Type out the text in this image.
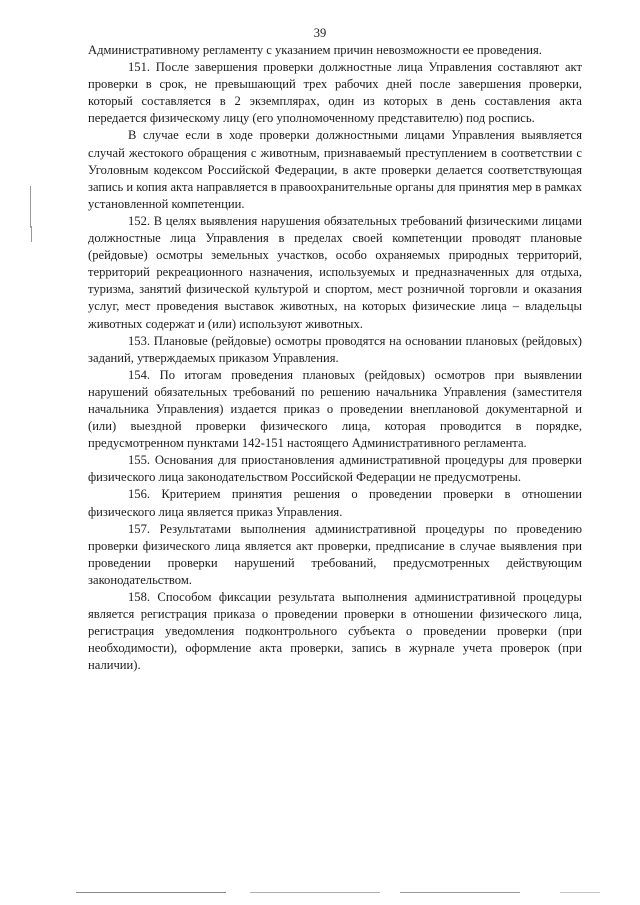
39

Административному регламенту с указанием причин невозможности ее проведения.

151. После завершения проверки должностные лица Управления составляют акт проверки в срок, не превышающий трех рабочих дней после завершения проверки, который составляется в 2 экземплярах, один из которых в день составления акта передается физическому лицу (его уполномоченному представителю) под роспись.

В случае если в ходе проверки должностными лицами Управления выявляется случай жестокого обращения с животным, признаваемый преступлением в соответствии с Уголовным кодексом Российской Федерации, в акте проверки делается соответствующая запись и копия акта направляется в правоохранительные органы для принятия мер в рамках установленной компетенции.

152. В целях выявления нарушения обязательных требований физическими лицами должностные лица Управления в пределах своей компетенции проводят плановые (рейдовые) осмотры земельных участков, особо охраняемых природных территорий, территорий рекреационного назначения, используемых и предназначенных для отдыха, туризма, занятий физической культурой и спортом, мест розничной торговли и оказания услуг, мест проведения выставок животных, на которых физические лица – владельцы животных содержат и (или) используют животных.

153. Плановые (рейдовые) осмотры проводятся на основании плановых (рейдовых) заданий, утверждаемых приказом Управления.

154. По итогам проведения плановых (рейдовых) осмотров при выявлении нарушений обязательных требований по решению начальника Управления (заместителя начальника Управления) издается приказ о проведении внеплановой документарной и (или) выездной проверки физического лица, которая проводится в порядке, предусмотренном пунктами 142-151 настоящего Административного регламента.

155. Основания для приостановления административной процедуры для проверки физического лица законодательством Российской Федерации не предусмотрены.

156. Критерием принятия решения о проведении проверки в отношении физического лица является приказ Управления.

157. Результатами выполнения административной процедуры по проведению проверки физического лица является акт проверки, предписание в случае выявления при проведении проверки нарушений требований, предусмотренных действующим законодательством.

158. Способом фиксации результата выполнения административной процедуры является регистрация приказа о проведении проверки в отношении физического лица, регистрация уведомления подконтрольного субъекта о проведении проверки (при необходимости), оформление акта проверки, запись в журнале учета проверок (при наличии).
